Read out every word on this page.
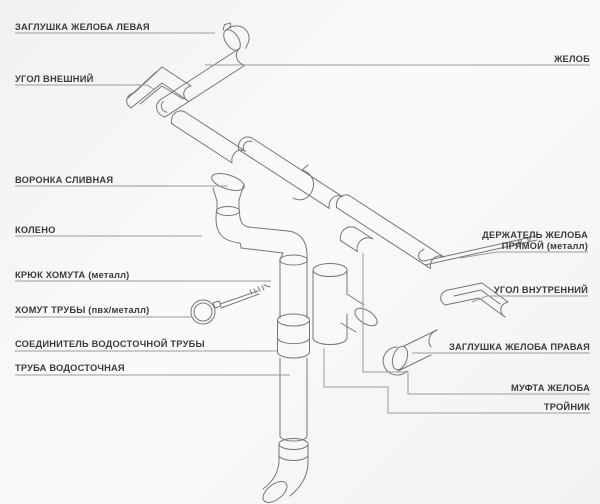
ЗАГЛУШКА ЖЕЛОБА ЛЕВАЯ
УГОЛ ВНЕШНИЙ
ЖЕЛОБ
ВОРОНКА СЛИВНАЯ
КОЛЕНО
КРЮК ХОМУТА (металл)
ХОМУТ ТРУБЫ (пвх/металл)
СОЕДИНИТЕЛЬ ВОДОСТОЧНОЙ ТРУБЫ
ТРУБА ВОДОСТОЧНАЯ
ДЕРЖАТЕЛЬ ЖЕЛОБА
ПРЯМОЙ (металл)
УГОЛ ВНУТРЕННИЙ
ЗАГЛУШКА ЖЕЛОБА ПРАВАЯ
МУФТА ЖЕЛОБА
ТРОЙНИК
